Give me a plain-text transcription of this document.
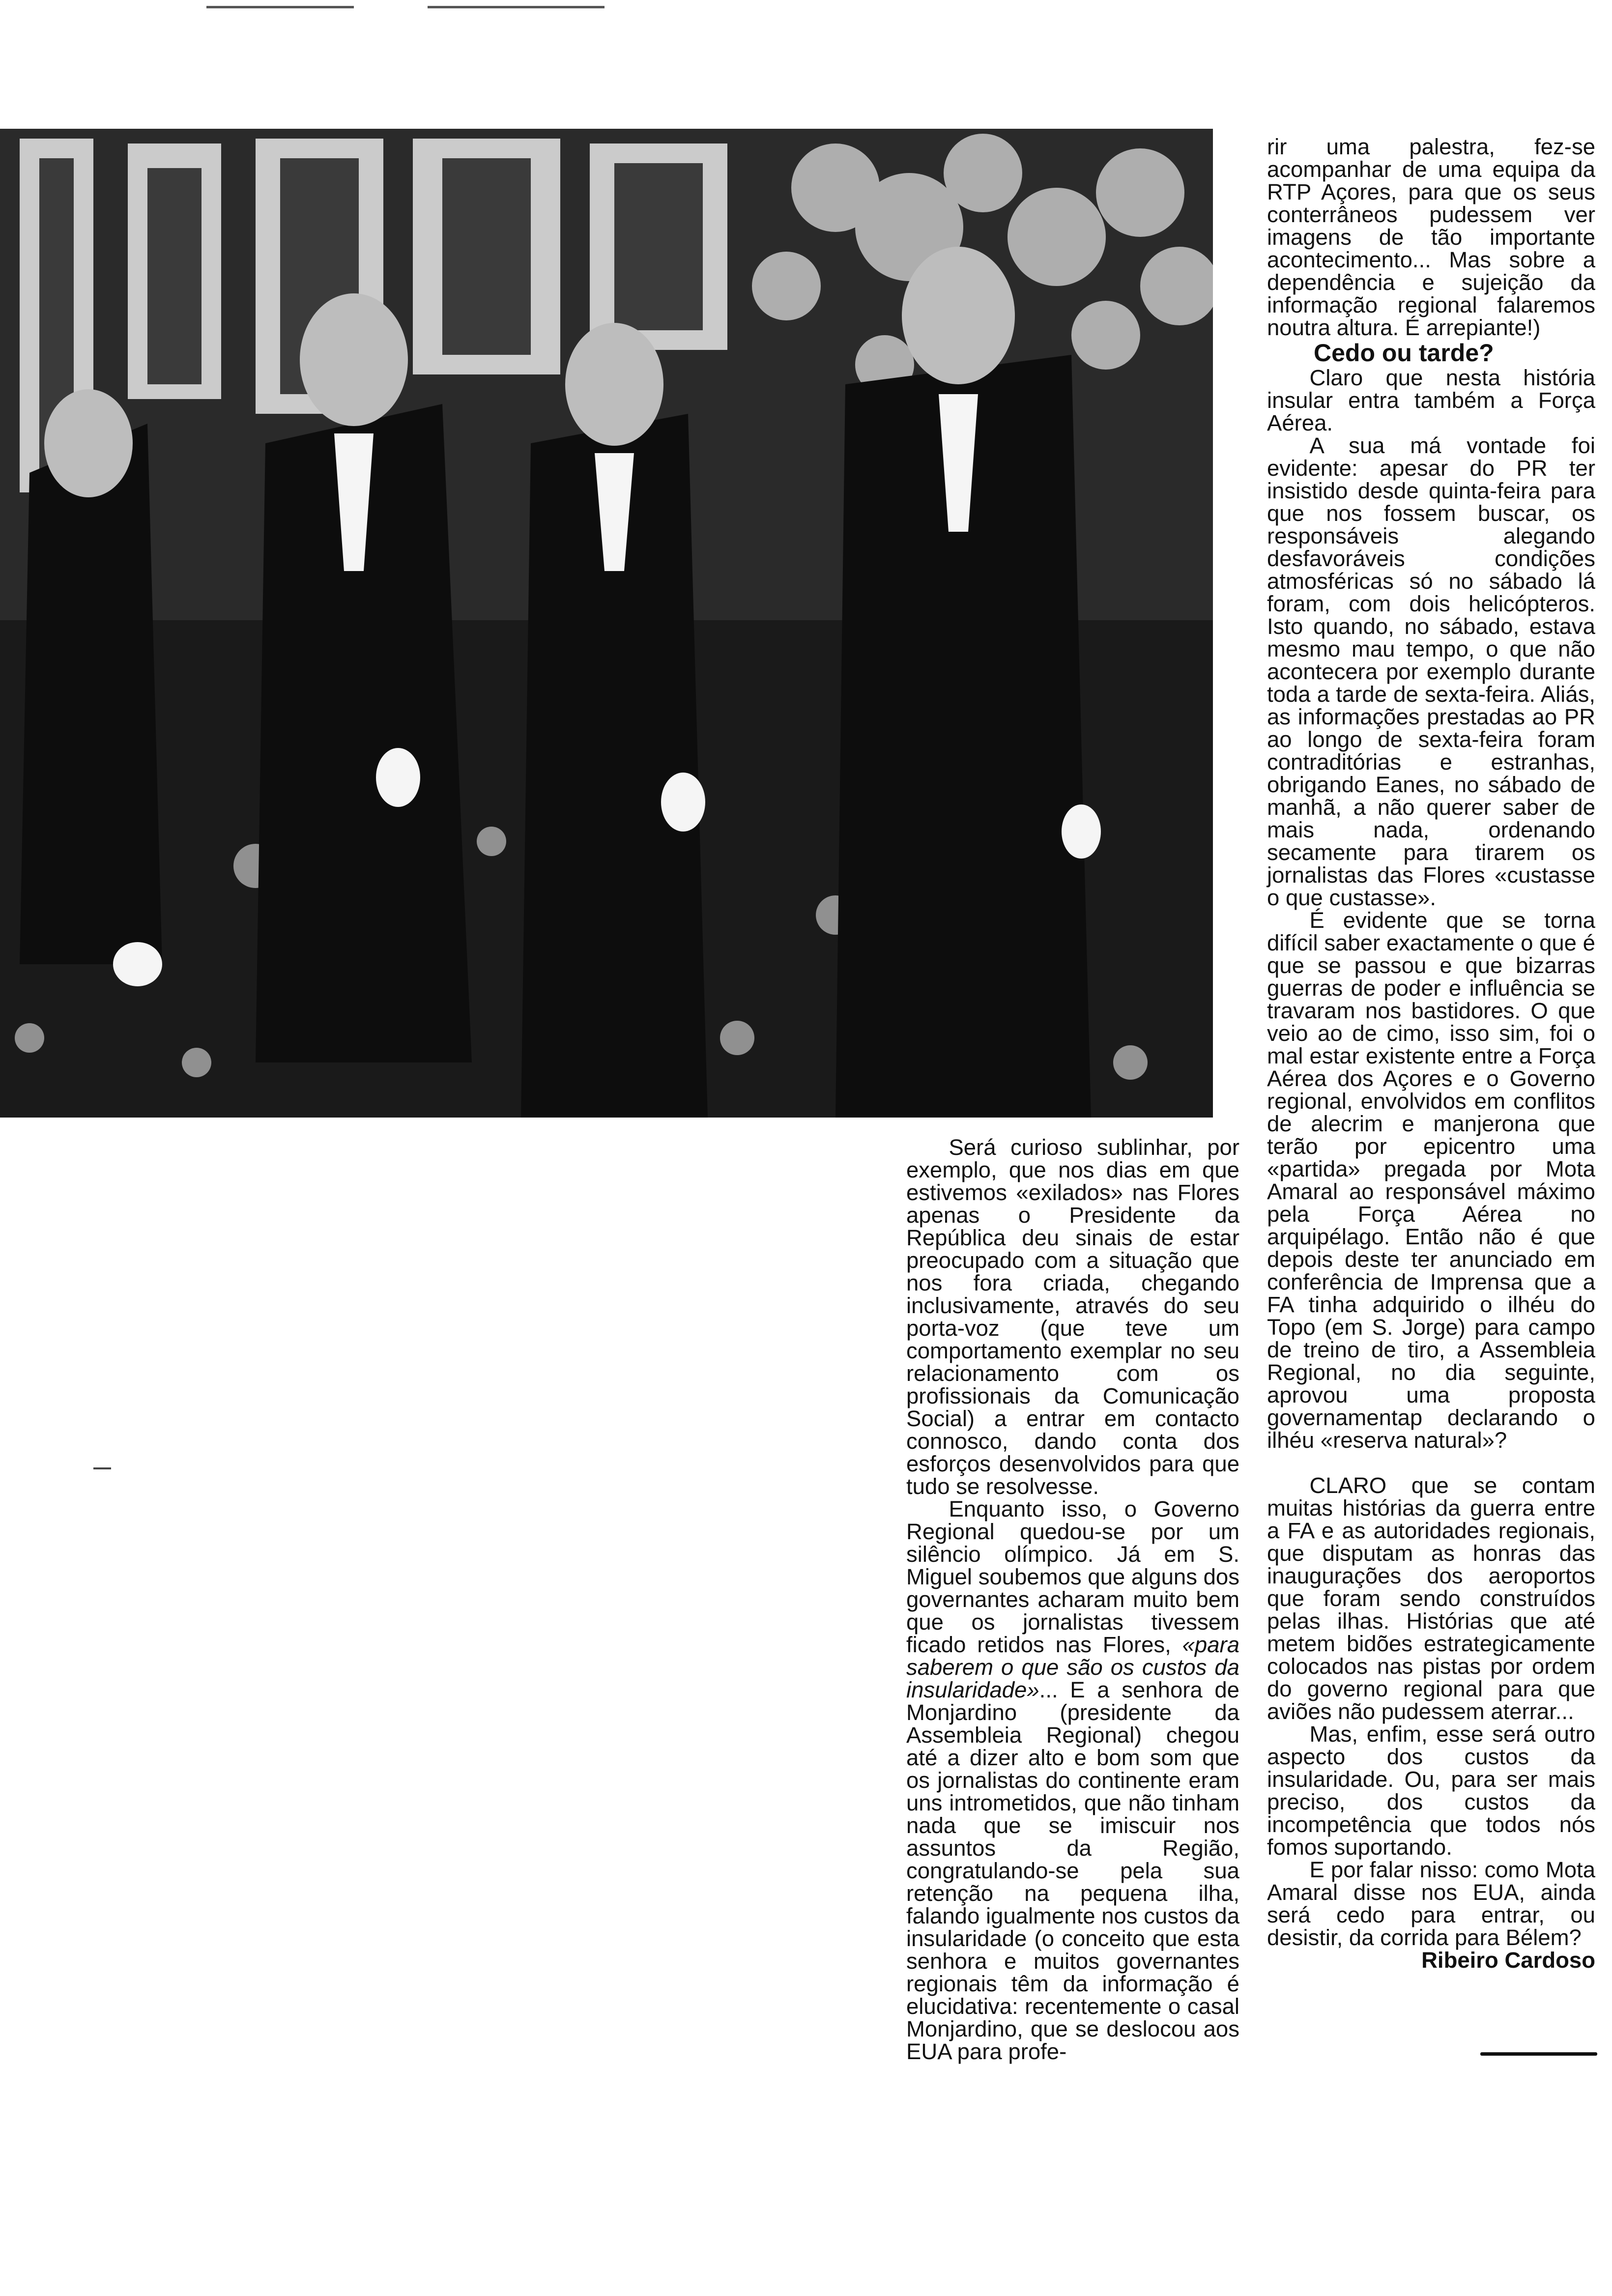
Será curioso sublinhar, por exemplo, que nos dias em que estivemos «exilados» nas Flores apenas o Presidente da República deu sinais de estar preocupado com a situação que nos fora criada, chegando inclusivamente, através do seu porta-voz (que teve um comportamento exemplar no seu relacionamento com os profissionais da Comunicação Social) a entrar em contacto connosco, dando conta dos esforços desenvolvidos para que tudo se resolvesse.

Enquanto isso, o Governo Regional quedou-se por um silêncio olímpico. Já em S. Miguel soubemos que alguns dos governantes acharam muito bem que os jornalistas tivessem ficado retidos nas Flores, «para saberem o que são os custos da insularidade»... E a senhora de Monjardino (presidente da Assembleia Regional) chegou até a dizer alto e bom som que os jornalistas do continente eram uns intrometidos, que não tinham nada que se imiscuir nos assuntos da Região, congratulando-se pela sua retenção na pequena ilha, falando igualmente nos custos da insularidade (o conceito que esta senhora e muitos governantes regionais têm da informação é elucidativa: recentemente o casal Monjardino, que se deslocou aos EUA para profe-

rir uma palestra, fez-se acompanhar de uma equipa da RTP Açores, para que os seus conterrâneos pudessem ver imagens de tão importante acontecimento... Mas sobre a dependência e sujeição da informação regional falaremos noutra altura. É arrepiante!)

Cedo ou tarde?

Claro que nesta história insular entra também a Força Aérea.

A sua má vontade foi evidente: apesar do PR ter insistido desde quinta-feira para que nos fossem buscar, os responsáveis alegando desfavoráveis condições atmosféricas só no sábado lá foram, com dois helicópteros. Isto quando, no sábado, estava mesmo mau tempo, o que não acontecera por exemplo durante toda a tarde de sexta-feira. Aliás, as informações prestadas ao PR ao longo de sexta-feira foram contraditórias e estranhas, obrigando Eanes, no sábado de manhã, a não querer saber de mais nada, ordenando secamente para tirarem os jornalistas das Flores «custasse o que custasse».

É evidente que se torna difícil saber exactamente o que é que se passou e que bizarras guerras de poder e influência se travaram nos bastidores. O que veio ao de cimo, isso sim, foi o mal estar existente entre a Força Aérea dos Açores e o Governo regional, envolvidos em conflitos de alecrim e manjerona que terão por epicentro uma «partida» pregada por Mota Amaral ao responsável máximo pela Força Aérea no arquipélago. Então não é que depois deste ter anunciado em conferência de Imprensa que a FA tinha adquirido o ilhéu do Topo (em S. Jorge) para campo de treino de tiro, a Assembleia Regional, no dia seguinte, aprovou uma proposta governamentap declarando o ilhéu «reserva natural»?

CLARO que se contam muitas histórias da guerra entre a FA e as autoridades regionais, que disputam as honras das inaugurações dos aeroportos que foram sendo construídos pelas ilhas. Histórias que até metem bidões estrategicamente colocados nas pistas por ordem do governo regional para que aviões não pudessem aterrar...

Mas, enfim, esse será outro aspecto dos custos da insularidade. Ou, para ser mais preciso, dos custos da incompetência que todos nós fomos suportando.

E por falar nisso: como Mota Amaral disse nos EUA, ainda será cedo para entrar, ou desistir, da corrida para Bélem?

Ribeiro Cardoso
